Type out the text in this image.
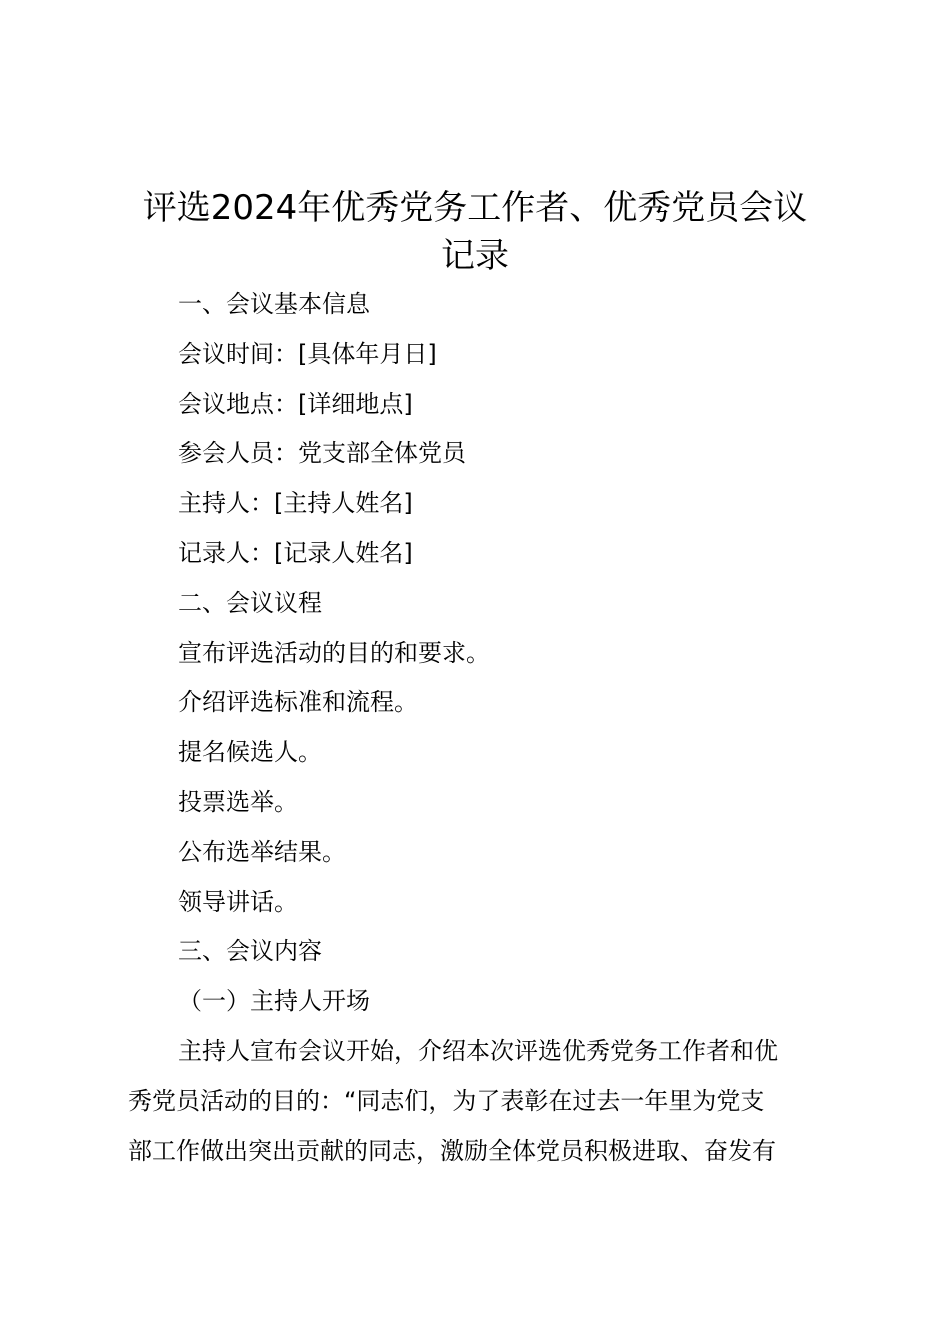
评选2024年优秀党务工作者、优秀党员会议
记录
一、会议基本信息
会议时间：[具体年月日]
会议地点：[详细地点]
参会人员：党支部全体党员
主持人：[主持人姓名]
记录人：[记录人姓名]
二、会议议程
宣布评选活动的目的和要求。
介绍评选标准和流程。
提名候选人。
投票选举。
公布选举结果。
领导讲话。
三、会议内容
（一）主持人开场
主持人宣布会议开始，介绍本次评选优秀党务工作者和优
秀党员活动的目的：“同志们，为了表彰在过去一年里为党支
部工作做出突出贡献的同志，激励全体党员积极进取、奋发有
